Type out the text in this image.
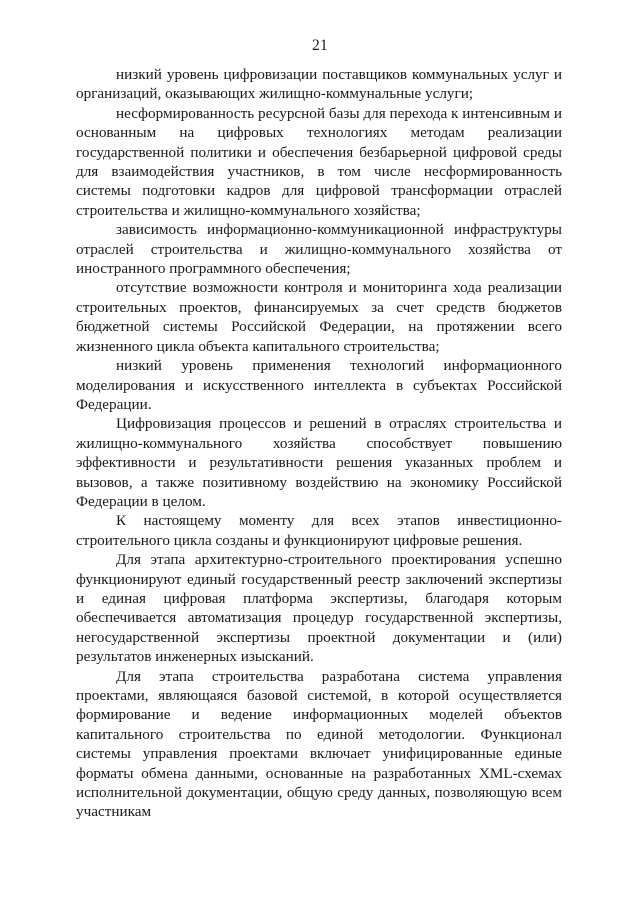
21

низкий уровень цифровизации поставщиков коммунальных услуг и организаций, оказывающих жилищно-коммунальные услуги;

несформированность ресурсной базы для перехода к интенсивным и основанным на цифровых технологиях методам реализации государственной политики и обеспечения безбарьерной цифровой среды для взаимодействия участников, в том числе несформированность системы подготовки кадров для цифровой трансформации отраслей строительства и жилищно-коммунального хозяйства;

зависимость информационно-коммуникационной инфраструктуры отраслей строительства и жилищно-коммунального хозяйства от иностранного программного обеспечения;

отсутствие возможности контроля и мониторинга хода реализации строительных проектов, финансируемых за счет средств бюджетов бюджетной системы Российской Федерации, на протяжении всего жизненного цикла объекта капитального строительства;

низкий уровень применения технологий информационного моделирования и искусственного интеллекта в субъектах Российской Федерации.

Цифровизация процессов и решений в отраслях строительства и жилищно-коммунального хозяйства способствует повышению эффективности и результативности решения указанных проблем и вызовов, а также позитивному воздействию на экономику Российской Федерации в целом.

К настоящему моменту для всех этапов инвестиционно-строительного цикла созданы и функционируют цифровые решения.

Для этапа архитектурно-строительного проектирования успешно функционируют единый государственный реестр заключений экспертизы и единая цифровая платформа экспертизы, благодаря которым обеспечивается автоматизация процедур государственной экспертизы, негосударственной экспертизы проектной документации и (или) результатов инженерных изысканий.

Для этапа строительства разработана система управления проектами, являющаяся базовой системой, в которой осуществляется формирование и ведение информационных моделей объектов капитального строительства по единой методологии. Функционал системы управления проектами включает унифицированные единые форматы обмена данными, основанные на разработанных XML-схемах исполнительной документации, общую среду данных, позволяющую всем участникам
